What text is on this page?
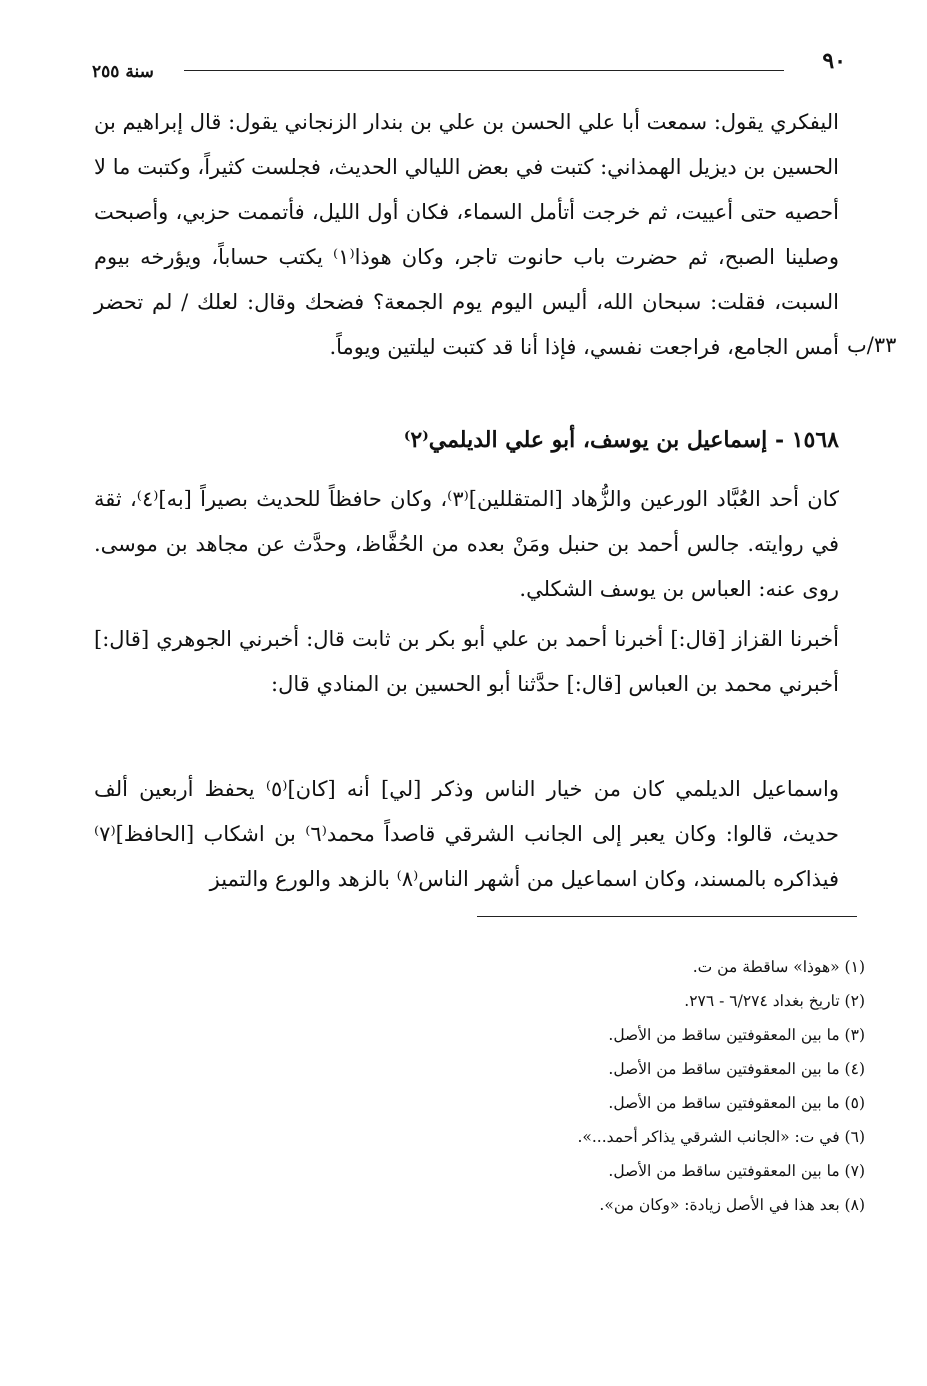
٩٠
سنة ٢٥٥

اليفكري يقول: سمعت أبا علي الحسن بن علي بن بندار الزنجاني يقول: قال إبراهيم بن الحسين بن ديزيل الهمذاني: كتبت في بعض الليالي الحديث، فجلست كثيراً، وكتبت ما لا أحصيه حتى أعييت، ثم خرجت أتأمل السماء، فكان أول الليل، فأتممت حزبي، وأصبحت وصلينا الصبح، ثم حضرت باب حانوت تاجر، وكان هوذا⁽١⁾ يكتب حساباً، ويؤرخه بيوم السبت، فقلت: سبحان الله، أليس اليوم يوم الجمعة؟ فضحك وقال: لعلك / لم تحضر أمس الجامع، فراجعت نفسي، فإذا أنا قد كتبت ليلتين ويوماً. ٣٣/ب
١٥٦٨ - إسماعيل بن يوسف، أبو علي الديلمي⁽٢⁾

كان أحد العُبَّاد الورعين والزُّهاد [المتقللين]⁽٣⁾، وكان حافظاً للحديث بصيراً [به]⁽٤⁾، ثقة في روايته. جالس أحمد بن حنبل ومَنْ بعده من الحُفَّاظ، وحدَّث عن مجاهد بن موسى. روى عنه: العباس بن يوسف الشكلي.

أخبرنا القزاز [قال:] أخبرنا أحمد بن علي أبو بكر بن ثابت قال: أخبرني الجوهري [قال:] أخبرني محمد بن العباس [قال:] حدَّثنا أبو الحسين بن المنادي قال:

واسماعيل الديلمي كان من خيار الناس وذكر [لي] أنه [كان]⁽٥⁾ يحفظ أربعين ألف حديث، قالوا: وكان يعبر إلى الجانب الشرقي قاصداً محمد⁽٦⁾ بن اشكاب [الحافظ]⁽٧⁾ فيذاكره بالمسند، وكان اسماعيل من أشهر الناس⁽٨⁾ بالزهد والورع والتميز

(١) «هوذا» ساقطة من ت.
(٢) تاريخ بغداد ٦/٢٧٤ - ٢٧٦.
(٣) ما بين المعقوفتين ساقط من الأصل.
(٤) ما بين المعقوفتين ساقط من الأصل.
(٥) ما بين المعقوفتين ساقط من الأصل.
(٦) في ت: «الجانب الشرقي يذاكر أحمد...».
(٧) ما بين المعقوفتين ساقط من الأصل.
(٨) بعد هذا في الأصل زيادة: «وكان من».
